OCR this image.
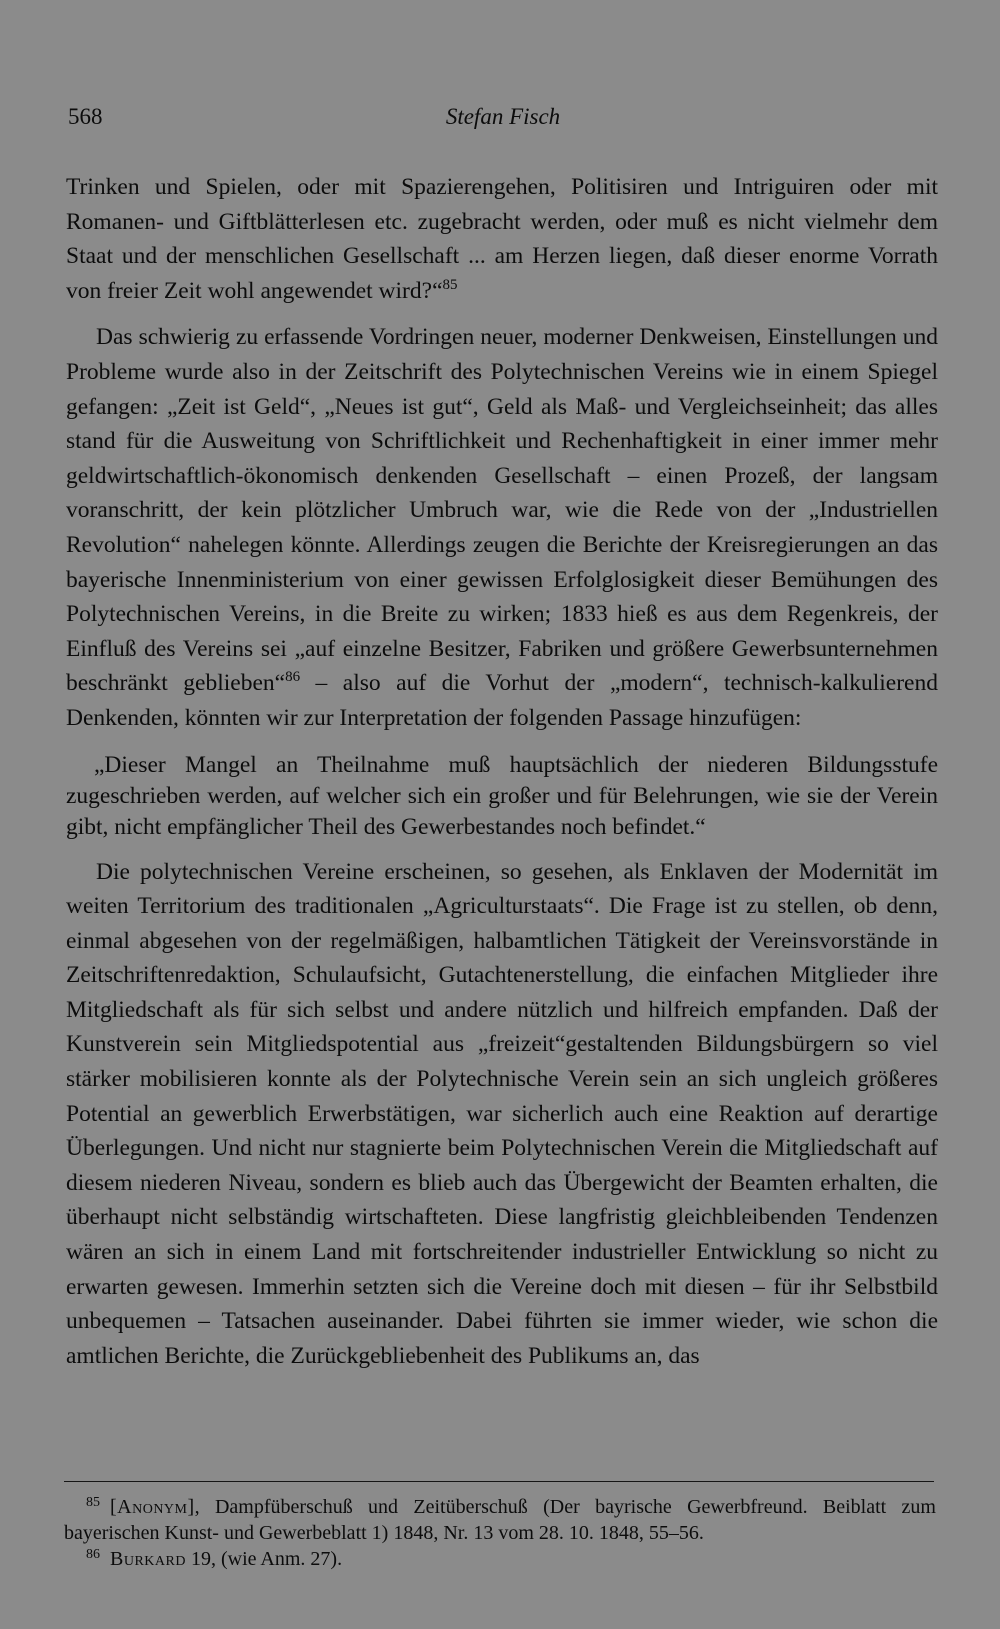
568	Stefan Fisch

Trinken und Spielen, oder mit Spazierengehen, Politisiren und Intriguiren oder mit Romanen- und Giftblätterlesen etc. zugebracht werden, oder muß es nicht vielmehr dem Staat und der menschlichen Gesellschaft ... am Herzen liegen, daß dieser enorme Vorrath von freier Zeit wohl angewendet wird?“$^{85}$

Das schwierig zu erfassende Vordringen neuer, moderner Denkweisen, Einstellungen und Probleme wurde also in der Zeitschrift des Polytechnischen Vereins wie in einem Spiegel gefangen: „Zeit ist Geld“, „Neues ist gut“, Geld als Maß- und Vergleichseinheit; das alles stand für die Ausweitung von Schriftlichkeit und Rechenhaftigkeit in einer immer mehr geldwirtschaftlich-ökonomisch denkenden Gesellschaft – einen Prozeß, der langsam voranschritt, der kein plötzlicher Umbruch war, wie die Rede von der „Industriellen Revolution“ nahelegen könnte. Allerdings zeugen die Berichte der Kreisregierungen an das bayerische Innenministerium von einer gewissen Erfolglosigkeit dieser Bemühungen des Polytechnischen Vereins, in die Breite zu wirken; 1833 hieß es aus dem Regenkreis, der Einfluß des Vereins sei „auf einzelne Besitzer, Fabriken und größere Gewerbsunternehmen beschränkt geblieben“$^{86}$ – also auf die Vorhut der „modern“, technisch-kalkulierend Denkenden, könnten wir zur Interpretation der folgenden Passage hinzufügen:

„Dieser Mangel an Theilnahme muß hauptsächlich der niederen Bildungsstufe zugeschrieben werden, auf welcher sich ein großer und für Belehrungen, wie sie der Verein gibt, nicht empfänglicher Theil des Gewerbestandes noch befindet.“

Die polytechnischen Vereine erscheinen, so gesehen, als Enklaven der Modernität im weiten Territorium des traditionalen „Agriculturstaats“. Die Frage ist zu stellen, ob denn, einmal abgesehen von der regelmäßigen, halbamtlichen Tätigkeit der Vereinsvorstände in Zeitschriftenredaktion, Schulaufsicht, Gutachtenerstellung, die einfachen Mitglieder ihre Mitgliedschaft als für sich selbst und andere nützlich und hilfreich empfanden. Daß der Kunstverein sein Mitgliedspotential aus „freizeit“gestaltenden Bildungsbürgern so viel stärker mobilisieren konnte als der Polytechnische Verein sein an sich ungleich größeres Potential an gewerblich Erwerbstätigen, war sicherlich auch eine Reaktion auf derartige Überlegungen. Und nicht nur stagnierte beim Polytechnischen Verein die Mitgliedschaft auf diesem niederen Niveau, sondern es blieb auch das Übergewicht der Beamten erhalten, die überhaupt nicht selbständig wirtschafteten. Diese langfristig gleichbleibenden Tendenzen wären an sich in einem Land mit fortschreitender industrieller Entwicklung so nicht zu erwarten gewesen. Immerhin setzten sich die Vereine doch mit diesen – für ihr Selbstbild unbequemen – Tatsachen auseinander. Dabei führten sie immer wieder, wie schon die amtlichen Berichte, die Zurückgebliebenheit des Publikums an, das

$^{85}$ [Anonym], Dampfüberschuß und Zeitüberschuß (Der bayrische Gewerbfreund. Beiblatt zum bayerischen Kunst- und Gewerbeblatt 1) 1848, Nr. 13 vom 28. 10. 1848, 55–56.
$^{86}$ Burkard 19, (wie Anm. 27).
